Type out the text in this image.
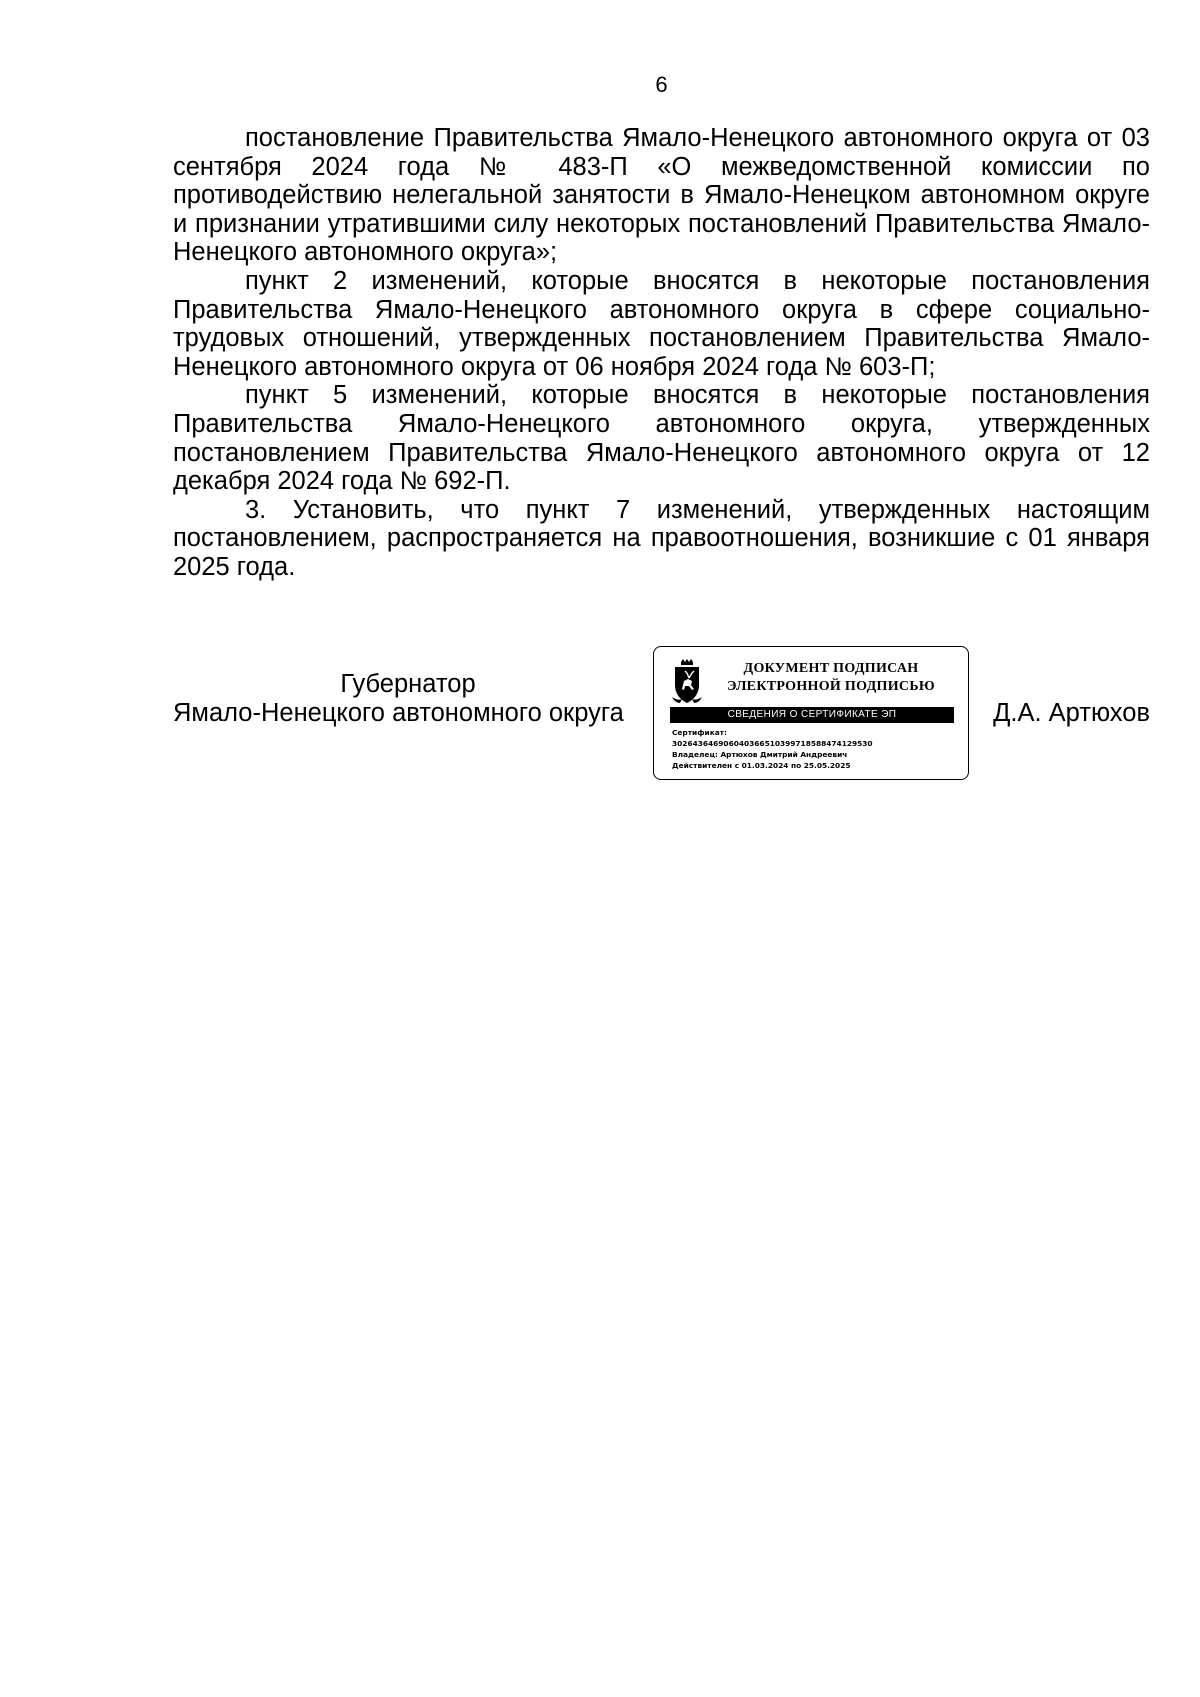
6

постановление Правительства Ямало-Ненецкого автономного округа от 03 сентября 2024 года № 483-П «О межведомственной комиссии по противодействию нелегальной занятости в Ямало-Ненецком автономном округе и признании утратившими силу некоторых постановлений Правительства Ямало-Ненецкого автономного округа»;

пункт 2 изменений, которые вносятся в некоторые постановления Правительства Ямало-Ненецкого автономного округа в сфере социально-трудовых отношений, утвержденных постановлением Правительства Ямало-Ненецкого автономного округа от 06 ноября 2024 года № 603-П;

пункт 5 изменений, которые вносятся в некоторые постановления Правительства Ямало-Ненецкого автономного округа, утвержденных постановлением Правительства Ямало-Ненецкого автономного округа от 12 декабря 2024 года № 692-П.

3. Установить, что пункт 7 изменений, утвержденных настоящим постановлением, распространяется на правоотношения, возникшие с 01 января 2025 года.

Губернатор
Ямало-Ненецкого автономного округа
ДОКУМЕНТ ПОДПИСАН
ЭЛЕКТРОННОЙ ПОДПИСЬЮ
СВЕДЕНИЯ О СЕРТИФИКАТЕ ЭП
Сертификат:
302643646906040366510399718588474129530
Владелец: Артюхов Дмитрий Андреевич
Действителен с 01.03.2024 по 25.05.2025
Д.А. Артюхов
